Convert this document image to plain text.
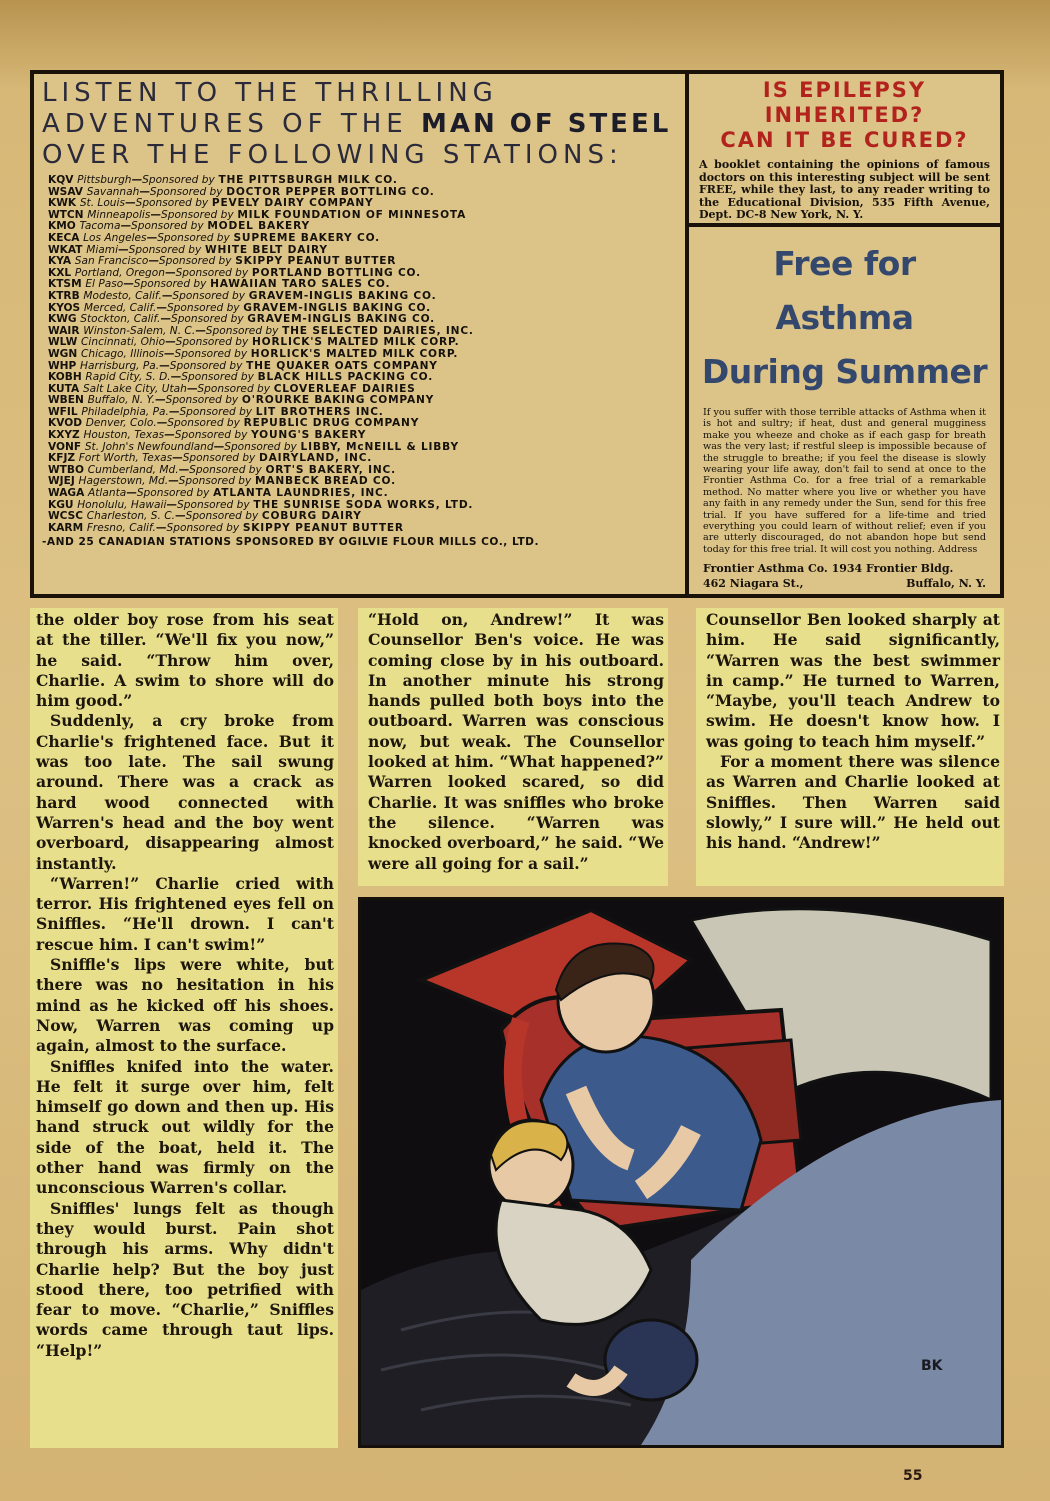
LISTEN TO THE THRILLING
ADVENTURES OF THE MAN OF STEEL
OVER THE FOLLOWING STATIONS:
KQV Pittsburgh—Sponsored by THE PITTSBURGH MILK CO.
WSAV Savannah—Sponsored by DOCTOR PEPPER BOTTLING CO.
KWK St. Louis—Sponsored by PEVELY DAIRY COMPANY
WTCN Minneapolis—Sponsored by MILK FOUNDATION OF MINNESOTA
KMO Tacoma—Sponsored by MODEL BAKERY
KECA Los Angeles—Sponsored by SUPREME BAKERY CO.
WKAT Miami—Sponsored by WHITE BELT DAIRY
KYA San Francisco—Sponsored by SKIPPY PEANUT BUTTER
KXL Portland, Oregon—Sponsored by PORTLAND BOTTLING CO.
KTSM El Paso—Sponsored by HAWAIIAN TARO SALES CO.
KTRB Modesto, Calif.—Sponsored by GRAVEM-INGLIS BAKING CO.
KYOS Merced, Calif.—Sponsored by GRAVEM-INGLIS BAKING CO.
KWG Stockton, Calif.—Sponsored by GRAVEM-INGLIS BAKING CO.
WAIR Winston-Salem, N. C.—Sponsored by THE SELECTED DAIRIES, INC.
WLW Cincinnati, Ohio—Sponsored by HORLICK'S MALTED MILK CORP.
WGN Chicago, Illinois—Sponsored by HORLICK'S MALTED MILK CORP.
WHP Harrisburg, Pa.—Sponsored by THE QUAKER OATS COMPANY
KOBH Rapid City, S. D.—Sponsored by BLACK HILLS PACKING CO.
KUTA Salt Lake City, Utah—Sponsored by CLOVERLEAF DAIRIES
WBEN Buffalo, N. Y.—Sponsored by O'ROURKE BAKING COMPANY
WFIL Philadelphia, Pa.—Sponsored by LIT BROTHERS INC.
KVOD Denver, Colo.—Sponsored by REPUBLIC DRUG COMPANY
KXYZ Houston, Texas—Sponsored by YOUNG'S BAKERY
VONF St. John's Newfoundland—Sponsored by LIBBY, McNEILL & LIBBY
KFJZ Fort Worth, Texas—Sponsored by DAIRYLAND, INC.
WTBO Cumberland, Md.—Sponsored by ORT'S BAKERY, INC.
WJEJ Hagerstown, Md.—Sponsored by MANBECK BREAD CO.
WAGA Atlanta—Sponsored by ATLANTA LAUNDRIES, INC.
KGU Honolulu, Hawaii—Sponsored by THE SUNRISE SODA WORKS, LTD.
WCSC Charleston, S. C.—Sponsored by COBURG DAIRY
KARM Fresno, Calif.—Sponsored by SKIPPY PEANUT BUTTER
-AND 25 CANADIAN STATIONS SPONSORED BY OGILVIE FLOUR MILLS CO., LTD.
IS EPILEPSY INHERITED?
CAN IT BE CURED?
A booklet containing the opinions of famous doctors on this interesting subject will be sent FREE, while they last, to any reader writing to the Educational Division, 535 Fifth Avenue, Dept. DC-8 New York, N. Y.
Free for Asthma
During Summer
If you suffer with those terrible attacks of Asthma when it is hot and sultry; if heat, dust and general mugginess make you wheeze and choke as if each gasp for breath was the very last; if restful sleep is impossible because of the struggle to breathe; if you feel the disease is slowly wearing your life away, don't fail to send at once to the Frontier Asthma Co. for a free trial of a remarkable method. No matter where you live or whether you have any faith in any remedy under the Sun, send for this free trial. If you have suffered for a life-time and tried everything you could learn of without relief; even if you are utterly discouraged, do not abandon hope but send today for this free trial. It will cost you nothing. Address
Frontier Asthma Co. 1934 Frontier Bldg.
462 Niagara St.,	Buffalo, N. Y.

the older boy rose from his seat at the tiller. “We'll fix you now,” he said. “Throw him over, Charlie. A swim to shore will do him good.”

Suddenly, a cry broke from Charlie's frightened face. But it was too late. The sail swung around. There was a crack as hard wood connected with Warren's head and the boy went overboard, disappearing almost instantly.

“Warren!” Charlie cried with terror. His frightened eyes fell on Sniffles. “He'll drown. I can't rescue him. I can't swim!”

Sniffle's lips were white, but there was no hesitation in his mind as he kicked off his shoes. Now, Warren was coming up again, almost to the surface.

Sniffles knifed into the water. He felt it surge over him, felt himself go down and then up. His hand struck out wildly for the side of the boat, held it. The other hand was firmly on the unconscious Warren's collar.

Sniffles' lungs felt as though they would burst. Pain shot through his arms. Why didn't Charlie help? But the boy just stood there, too petrified with fear to move. “Charlie,” Sniffles words came through taut lips. “Help!”

“Hold on, Andrew!” It was Counsellor Ben's voice. He was coming close by in his outboard. In another minute his strong hands pulled both boys into the outboard. Warren was conscious now, but weak. The Counsellor looked at him. “What happened?” Warren looked scared, so did Charlie. It was sniffles who broke the silence. “Warren was knocked overboard,” he said. “We were all going for a sail.”

Counsellor Ben looked sharply at him. He said significantly, “Warren was the best swimmer in camp.” He turned to Warren, “Maybe, you'll teach Andrew to swim. He doesn't know how. I was going to teach him myself.”

For a moment there was silence as Warren and Charlie looked at Sniffles. Then Warren said slowly,” I sure will.” He held out his hand. “Andrew!”

BK
55
